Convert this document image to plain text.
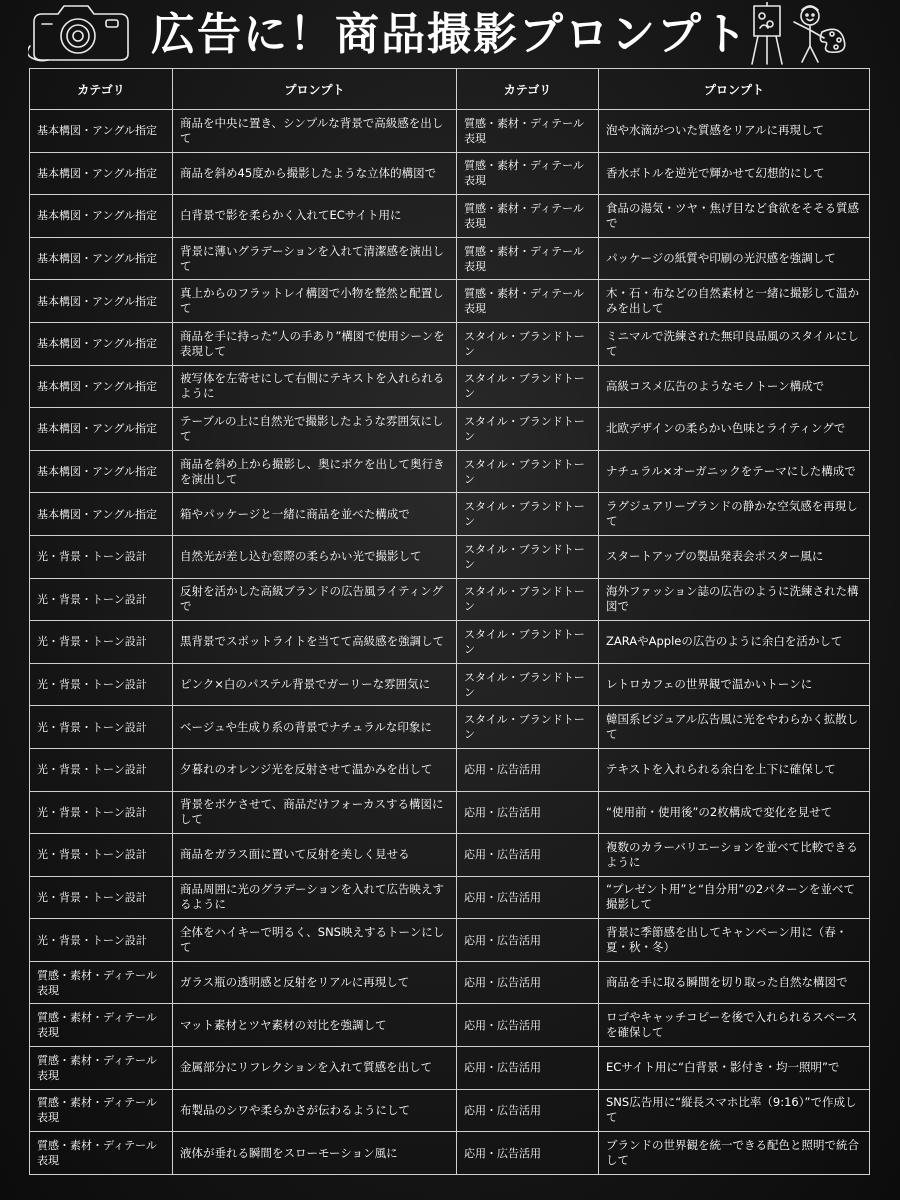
広告に！商品撮影プロンプト
カテゴリ	プロンプト	カテゴリ	プロンプト

基本構図・アングル指定	商品を中央に置き、シンプルな背景で高級感を出して	質感・素材・ディテール表現	泡や水滴がついた質感をリアルに再現して

基本構図・アングル指定	商品を斜め45度から撮影したような立体的構図で	質感・素材・ディテール表現	香水ボトルを逆光で輝かせて幻想的にして

基本構図・アングル指定	白背景で影を柔らかく入れてECサイト用に	質感・素材・ディテール表現	食品の湯気・ツヤ・焦げ目など食欲をそそる質感で

基本構図・アングル指定	背景に薄いグラデーションを入れて清潔感を演出して	質感・素材・ディテール表現	パッケージの紙質や印刷の光沢感を強調して

基本構図・アングル指定	真上からのフラットレイ構図で小物を整然と配置して	質感・素材・ディテール表現	木・石・布などの自然素材と一緒に撮影して温かみを出して

基本構図・アングル指定	商品を手に持った“人の手あり”構図で使用シーンを表現して	スタイル・ブランドトーン	ミニマルで洗練された無印良品風のスタイルにして

基本構図・アングル指定	被写体を左寄せにして右側にテキストを入れられるように	スタイル・ブランドトーン	高級コスメ広告のようなモノトーン構成で

基本構図・アングル指定	テーブルの上に自然光で撮影したような雰囲気にして	スタイル・ブランドトーン	北欧デザインの柔らかい色味とライティングで

基本構図・アングル指定	商品を斜め上から撮影し、奥にボケを出して奥行きを演出して	スタイル・ブランドトーン	ナチュラル×オーガニックをテーマにした構成で

基本構図・アングル指定	箱やパッケージと一緒に商品を並べた構成で	スタイル・ブランドトーン	ラグジュアリーブランドの静かな空気感を再現して

光・背景・トーン設計	自然光が差し込む窓際の柔らかい光で撮影して	スタイル・ブランドトーン	スタートアップの製品発表会ポスター風に

光・背景・トーン設計	反射を活かした高級ブランドの広告風ライティングで	スタイル・ブランドトーン	海外ファッション誌の広告のように洗練された構図で

光・背景・トーン設計	黒背景でスポットライトを当てて高級感を強調して	スタイル・ブランドトーン	ZARAやAppleの広告のように余白を活かして

光・背景・トーン設計	ピンク×白のパステル背景でガーリーな雰囲気に	スタイル・ブランドトーン	レトロカフェの世界観で温かいトーンに

光・背景・トーン設計	ベージュや生成り系の背景でナチュラルな印象に	スタイル・ブランドトーン	韓国系ビジュアル広告風に光をやわらかく拡散して

光・背景・トーン設計	夕暮れのオレンジ光を反射させて温かみを出して	応用・広告活用	テキストを入れられる余白を上下に確保して

光・背景・トーン設計	背景をボケさせて、商品だけフォーカスする構図にして	応用・広告活用	“使用前・使用後”の2枚構成で変化を見せて

光・背景・トーン設計	商品をガラス面に置いて反射を美しく見せる	応用・広告活用	複数のカラーバリエーションを並べて比較できるように

光・背景・トーン設計	商品周囲に光のグラデーションを入れて広告映えするように	応用・広告活用	“プレゼント用”と“自分用”の2パターンを並べて撮影して

光・背景・トーン設計	全体をハイキーで明るく、SNS映えするトーンにして	応用・広告活用	背景に季節感を出してキャンペーン用に（春・夏・秋・冬）

質感・素材・ディテール表現	ガラス瓶の透明感と反射をリアルに再現して	応用・広告活用	商品を手に取る瞬間を切り取った自然な構図で

質感・素材・ディテール表現	マット素材とツヤ素材の対比を強調して	応用・広告活用	ロゴやキャッチコピーを後で入れられるスペースを確保して

質感・素材・ディテール表現	金属部分にリフレクションを入れて質感を出して	応用・広告活用	ECサイト用に“白背景・影付き・均一照明”で

質感・素材・ディテール表現	布製品のシワや柔らかさが伝わるようにして	応用・広告活用	SNS広告用に“縦長スマホ比率（9:16）”で作成して

質感・素材・ディテール表現	液体が垂れる瞬間をスローモーション風に	応用・広告活用	ブランドの世界観を統一できる配色と照明で統合して
